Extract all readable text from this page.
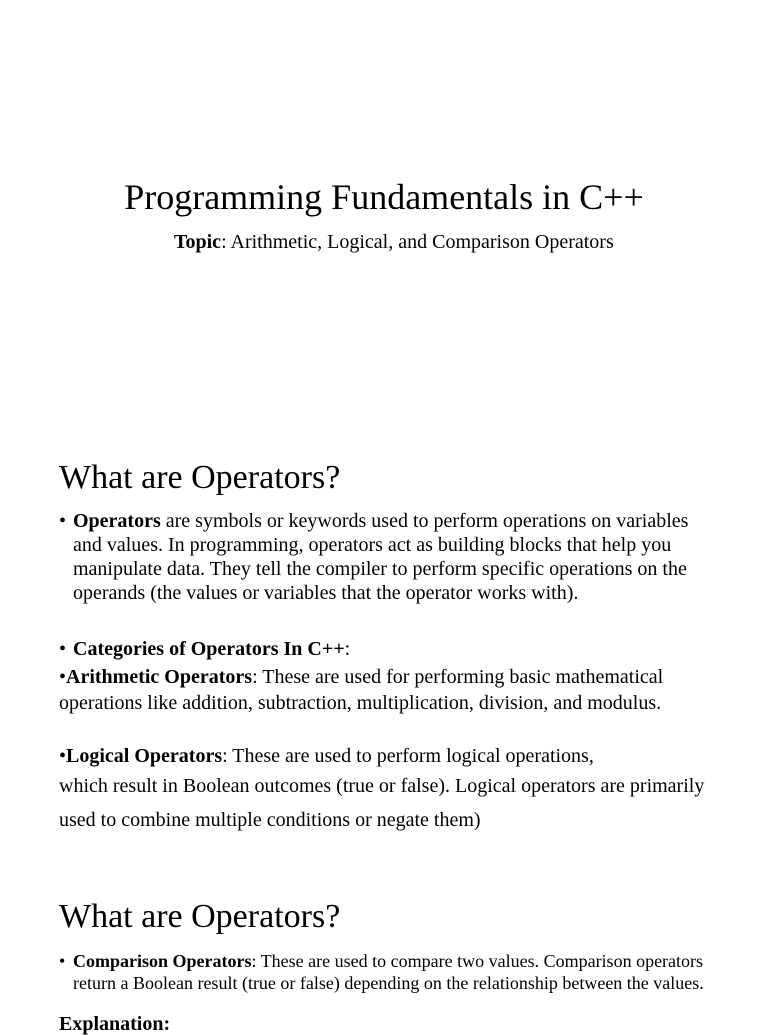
Programming Fundamentals in C++

Topic: Arithmetic, Logical, and Comparison Operators

What are Operators?
• Operators are symbols or keywords used to perform operations on variables and values. In programming, operators act as building blocks that help you manipulate data. They tell the compiler to perform specific operations on the operands (the values or variables that the operator works with).
• Categories of Operators In C++:
•Arithmetic Operators: These are used for performing basic mathematical operations like addition, subtraction, multiplication, division, and modulus.
•Logical Operators: These are used to perform logical operations,
which result in Boolean outcomes (true or false). Logical operators are primarily used to combine multiple conditions or negate them)
What are Operators?
• Comparison Operators: These are used to compare two values. Comparison operators return a Boolean result (true or false) depending on the relationship between the values.
Explanation:
